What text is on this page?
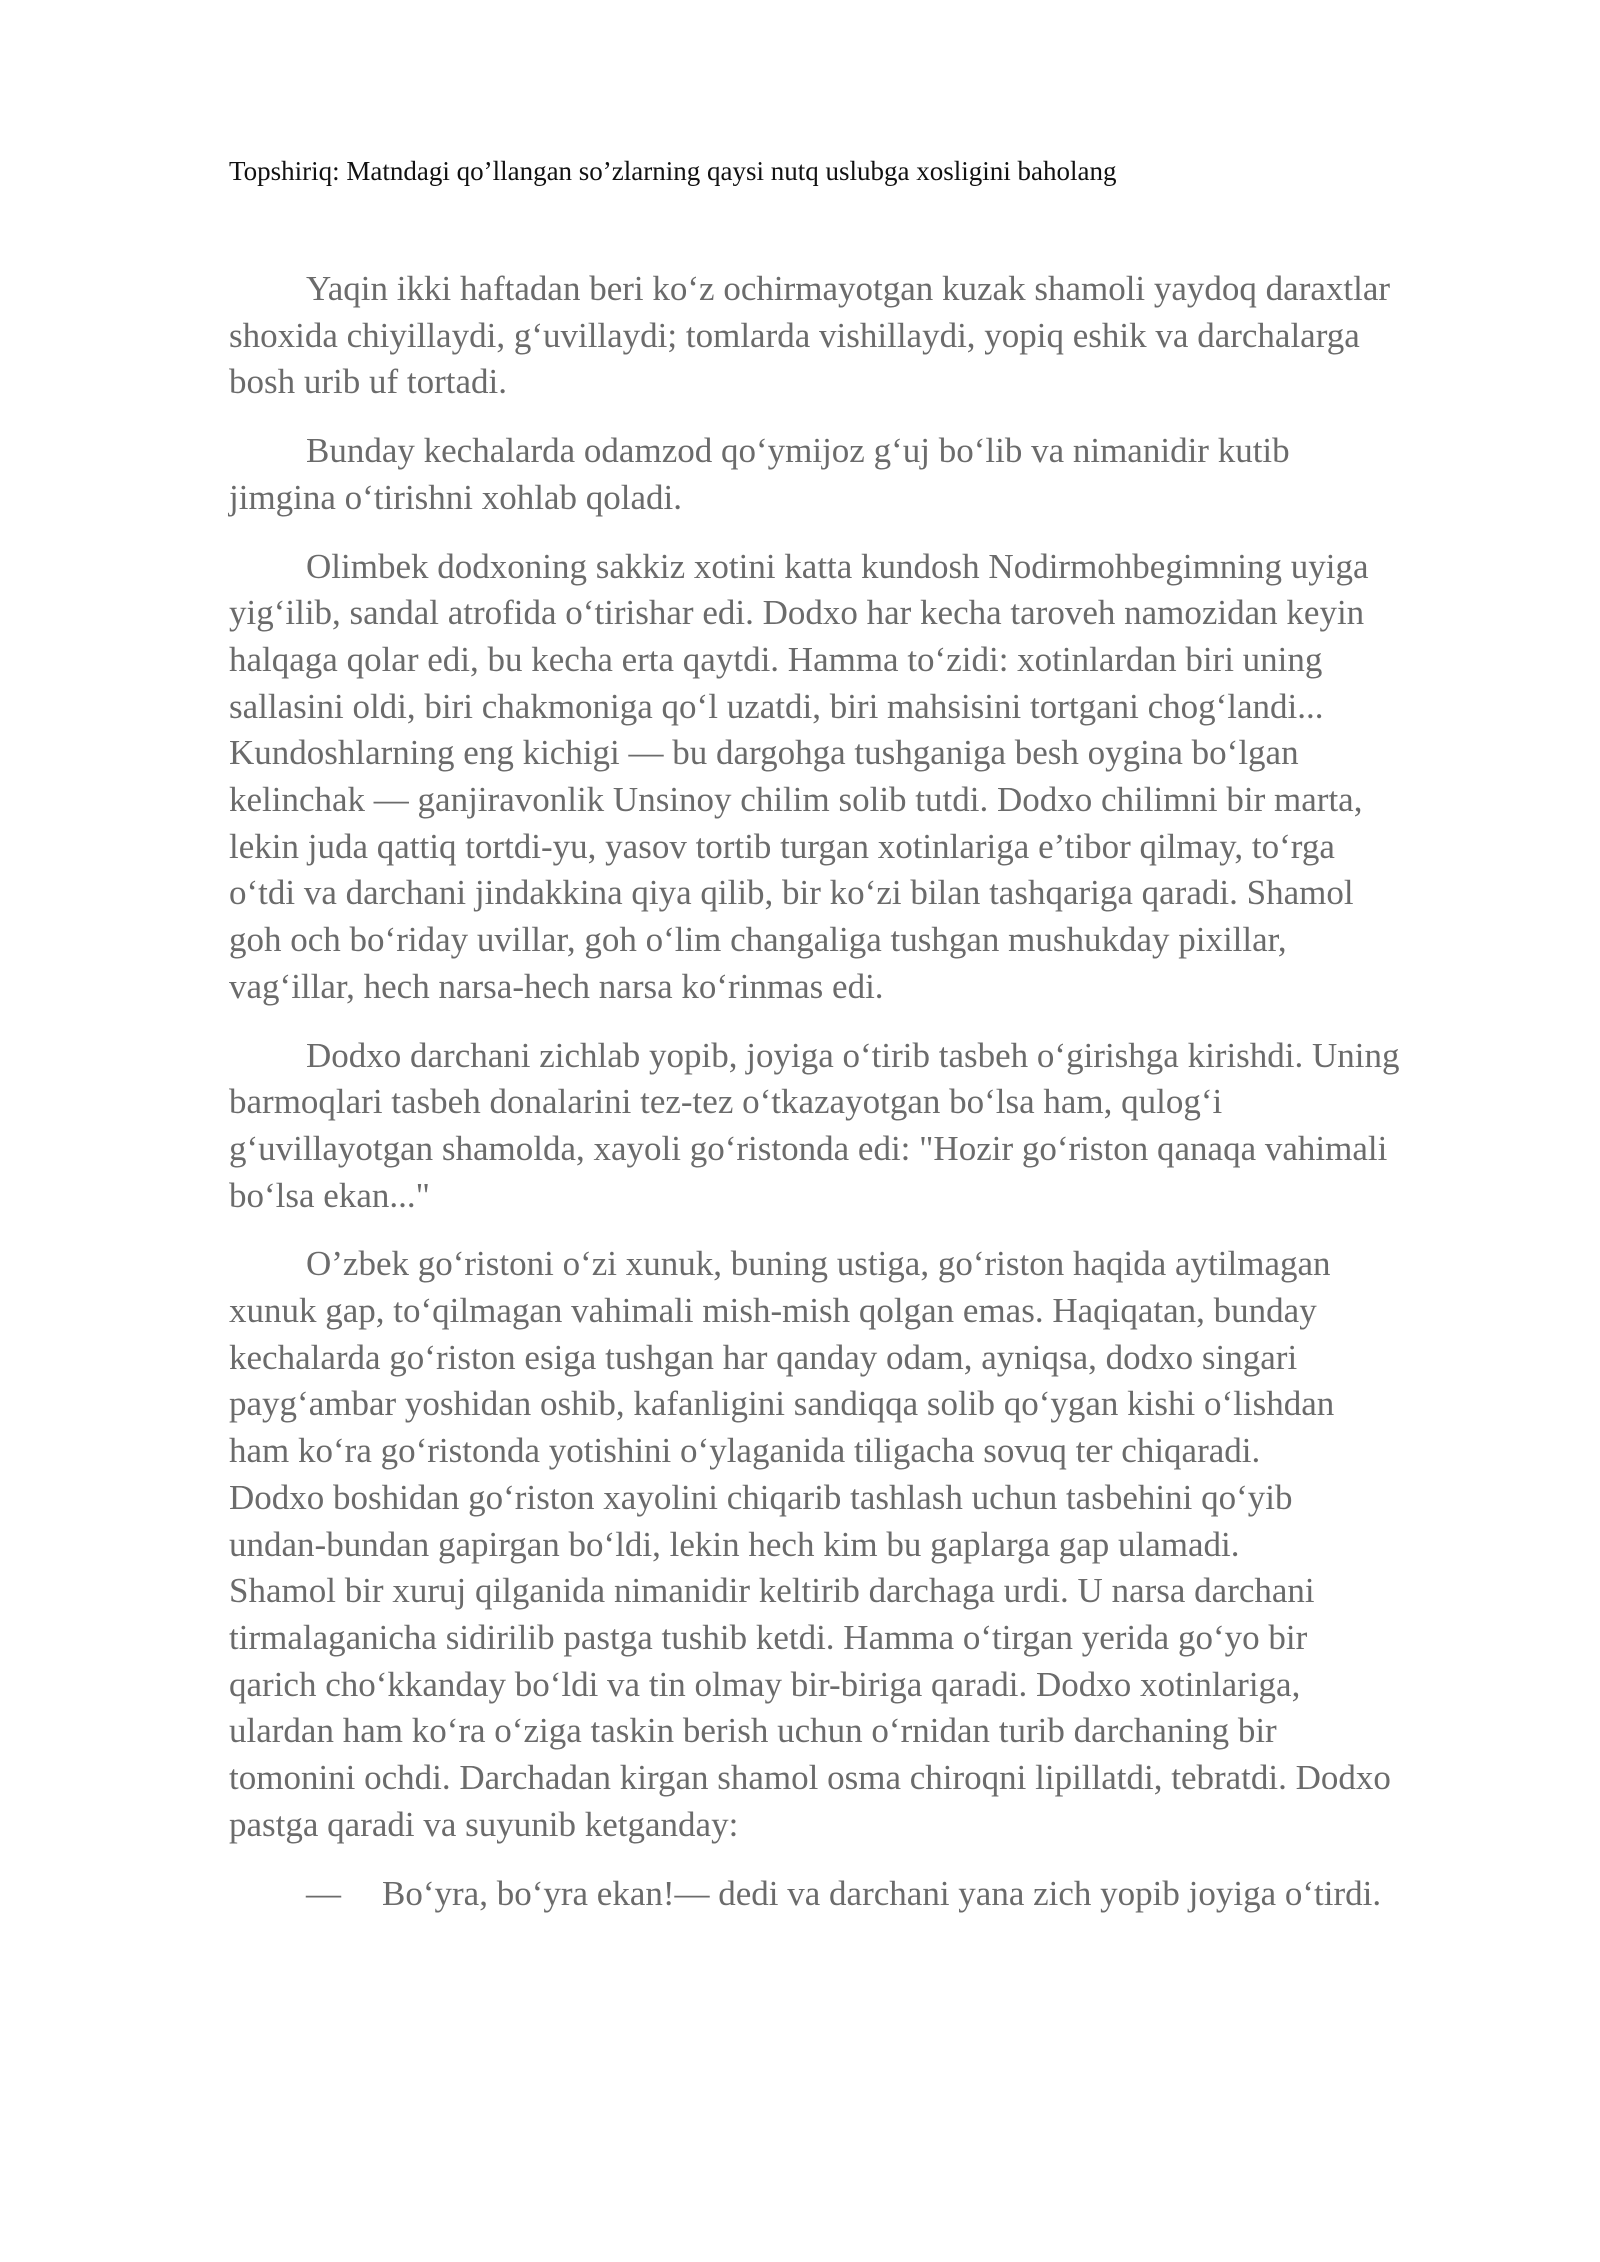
Topshiriq: Matndagi qo’llangan so’zlarning qaysi nutq uslubga xosligini baholang
Yaqin ikki haftadan beri ko‘z ochirmayotgan kuzak shamoli yaydoq daraxtlar
shoxida chiyillaydi, g‘uvillaydi; tomlarda vishillaydi, yopiq eshik va darchalarga
bosh urib uf tortadi.
Bunday kechalarda odamzod qo‘ymijoz g‘uj bo‘lib va nimanidir kutib
jimgina o‘tirishni xohlab qoladi.
Olimbek dodxoning sakkiz xotini katta kundosh Nodirmohbegimning uyiga
yig‘ilib, sandal atrofida o‘tirishar edi. Dodxo har kecha taroveh namozidan keyin
halqaga qolar edi, bu kecha erta qaytdi. Hamma to‘zidi: xotinlardan biri uning
sallasini oldi, biri chakmoniga qo‘l uzatdi, biri mahsisini tortgani chog‘landi...
Kundoshlarning eng kichigi — bu dargohga tushganiga besh oygina bo‘lgan
kelinchak — ganjiravonlik Unsinoy chilim solib tutdi. Dodxo chilimni bir marta,
lekin juda qattiq tortdi-yu, yasov tortib turgan xotinlariga e’tibor qilmay, to‘rga
o‘tdi va darchani jindakkina qiya qilib, bir ko‘zi bilan tashqariga qaradi. Shamol
goh och bo‘riday uvillar, goh o‘lim changaliga tushgan mushukday pixillar,
vag‘illar, hech narsa-hech narsa ko‘rinmas edi.
Dodxo darchani zichlab yopib, joyiga o‘tirib tasbeh o‘girishga kirishdi. Uning
barmoqlari tasbeh donalarini tez-tez o‘tkazayotgan bo‘lsa ham, qulog‘i
g‘uvillayotgan shamolda, xayoli go‘ristonda edi: "Hozir go‘riston qanaqa vahimali
bo‘lsa ekan..."
O’zbek go‘ristoni o‘zi xunuk, buning ustiga, go‘riston haqida aytilmagan
xunuk gap, to‘qilmagan vahimali mish-mish qolgan emas. Haqiqatan, bunday
kechalarda go‘riston esiga tushgan har qanday odam, ayniqsa, dodxo singari
payg‘ambar yoshidan oshib, kafanligini sandiqqa solib qo‘ygan kishi o‘lishdan
ham ko‘ra go‘ristonda yotishini o‘ylaganida tiligacha sovuq ter chiqaradi.
Dodxo boshidan go‘riston xayolini chiqarib tashlash uchun tasbehini qo‘yib
undan-bundan gapirgan bo‘ldi, lekin hech kim bu gaplarga gap ulamadi.
Shamol bir xuruj qilganida nimanidir keltirib darchaga urdi. U narsa darchani
tirmalaganicha sidirilib pastga tushib ketdi. Hamma o‘tirgan yerida go‘yo bir
qarich cho‘kkanday bo‘ldi va tin olmay bir-biriga qaradi. Dodxo xotinlariga,
ulardan ham ko‘ra o‘ziga taskin berish uchun o‘rnidan turib darchaning bir
tomonini ochdi. Darchadan kirgan shamol osma chiroqni lipillatdi, tebratdi. Dodxo
pastga qaradi va suyunib ketganday:

— Bo‘yra, bo‘yra ekan!— dedi va darchani yana zich yopib joyiga o‘tirdi.
